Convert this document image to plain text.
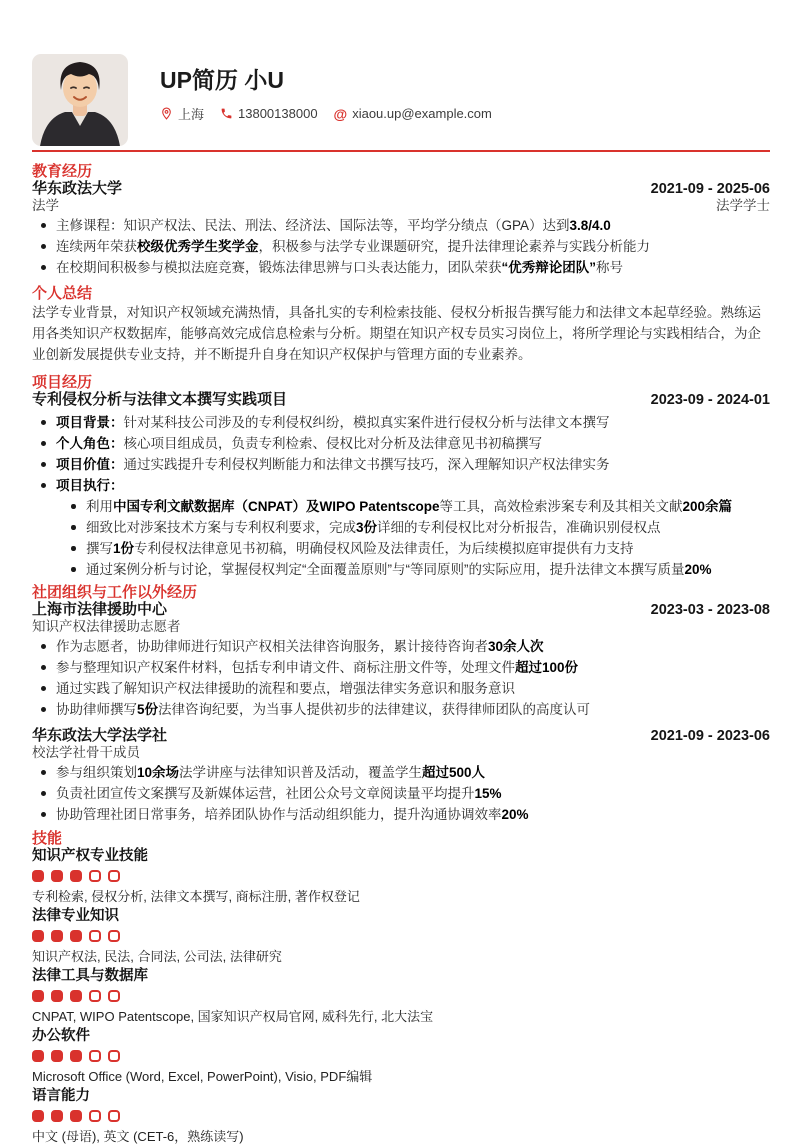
UP简历 小U
上海	13800138000 @ xiaou.up@example.com
教育经历
华东政法大学	2021-09 - 2025-06
法学	法学学士
主修课程：知识产权法、民法、刑法、经济法、国际法等，平均学分绩点（GPA）达到3.8/4.0
连续两年荣获校级优秀学生奖学金，积极参与法学专业课题研究，提升法律理论素养与实践分析能力
在校期间积极参与模拟法庭竞赛，锻炼法律思辨与口头表达能力，团队荣获“优秀辩论团队”称号
个人总结

法学专业背景，对知识产权领域充满热情，具备扎实的专利检索技能、侵权分析报告撰写能力和法律文本起草经验。熟练运用各类知识产权数据库，能够高效完成信息检索与分析。期望在知识产权专员实习岗位上，将所学理论与实践相结合，为企业创新发展提供专业支持，并不断提升自身在知识产权保护与管理方面的专业素养。

项目经历
专利侵权分析与法律文本撰写实践项目	2023-09 - 2024-01
项目背景：针对某科技公司涉及的专利侵权纠纷，模拟真实案件进行侵权分析与法律文本撰写
个人角色：核心项目组成员，负责专利检索、侵权比对分析及法律意见书初稿撰写
项目价值：通过实践提升专利侵权判断能力和法律文书撰写技巧，深入理解知识产权法律实务
项目执行：
利用中国专利文献数据库（CNPAT）及WIPO Patentscope等工具，高效检索涉案专利及其相关文献200余篇
细致比对涉案技术方案与专利权利要求，完成3份详细的专利侵权比对分析报告，准确识别侵权点
撰写1份专利侵权法律意见书初稿，明确侵权风险及法律责任，为后续模拟庭审提供有力支持
通过案例分析与讨论，掌握侵权判定“全面覆盖原则”与“等同原则”的实际应用，提升法律文本撰写质量20%
社团组织与工作以外经历
上海市法律援助中心	2023-03 - 2023-08
知识产权法律援助志愿者
作为志愿者，协助律师进行知识产权相关法律咨询服务，累计接待咨询者30余人次
参与整理知识产权案件材料，包括专利申请文件、商标注册文件等，处理文件超过100份
通过实践了解知识产权法律援助的流程和要点，增强法律实务意识和服务意识
协助律师撰写5份法律咨询纪要，为当事人提供初步的法律建议，获得律师团队的高度认可
华东政法大学法学社	2021-09 - 2023-06
校法学社骨干成员
参与组织策划10余场法学讲座与法律知识普及活动，覆盖学生超过500人
负责社团宣传文案撰写及新媒体运营，社团公众号文章阅读量平均提升15%
协助管理社团日常事务，培养团队协作与活动组织能力，提升沟通协调效率20%
技能
知识产权专业技能

专利检索, 侵权分析, 法律文本撰写, 商标注册, 著作权登记

法律专业知识

知识产权法, 民法, 合同法, 公司法, 法律研究

法律工具与数据库

CNPAT, WIPO Patentscope, 国家知识产权局官网, 威科先行, 北大法宝

办公软件

Microsoft Office (Word, Excel, PowerPoint), Visio, PDF编辑

语言能力

中文 (母语), 英文 (CET-6，熟练读写)
